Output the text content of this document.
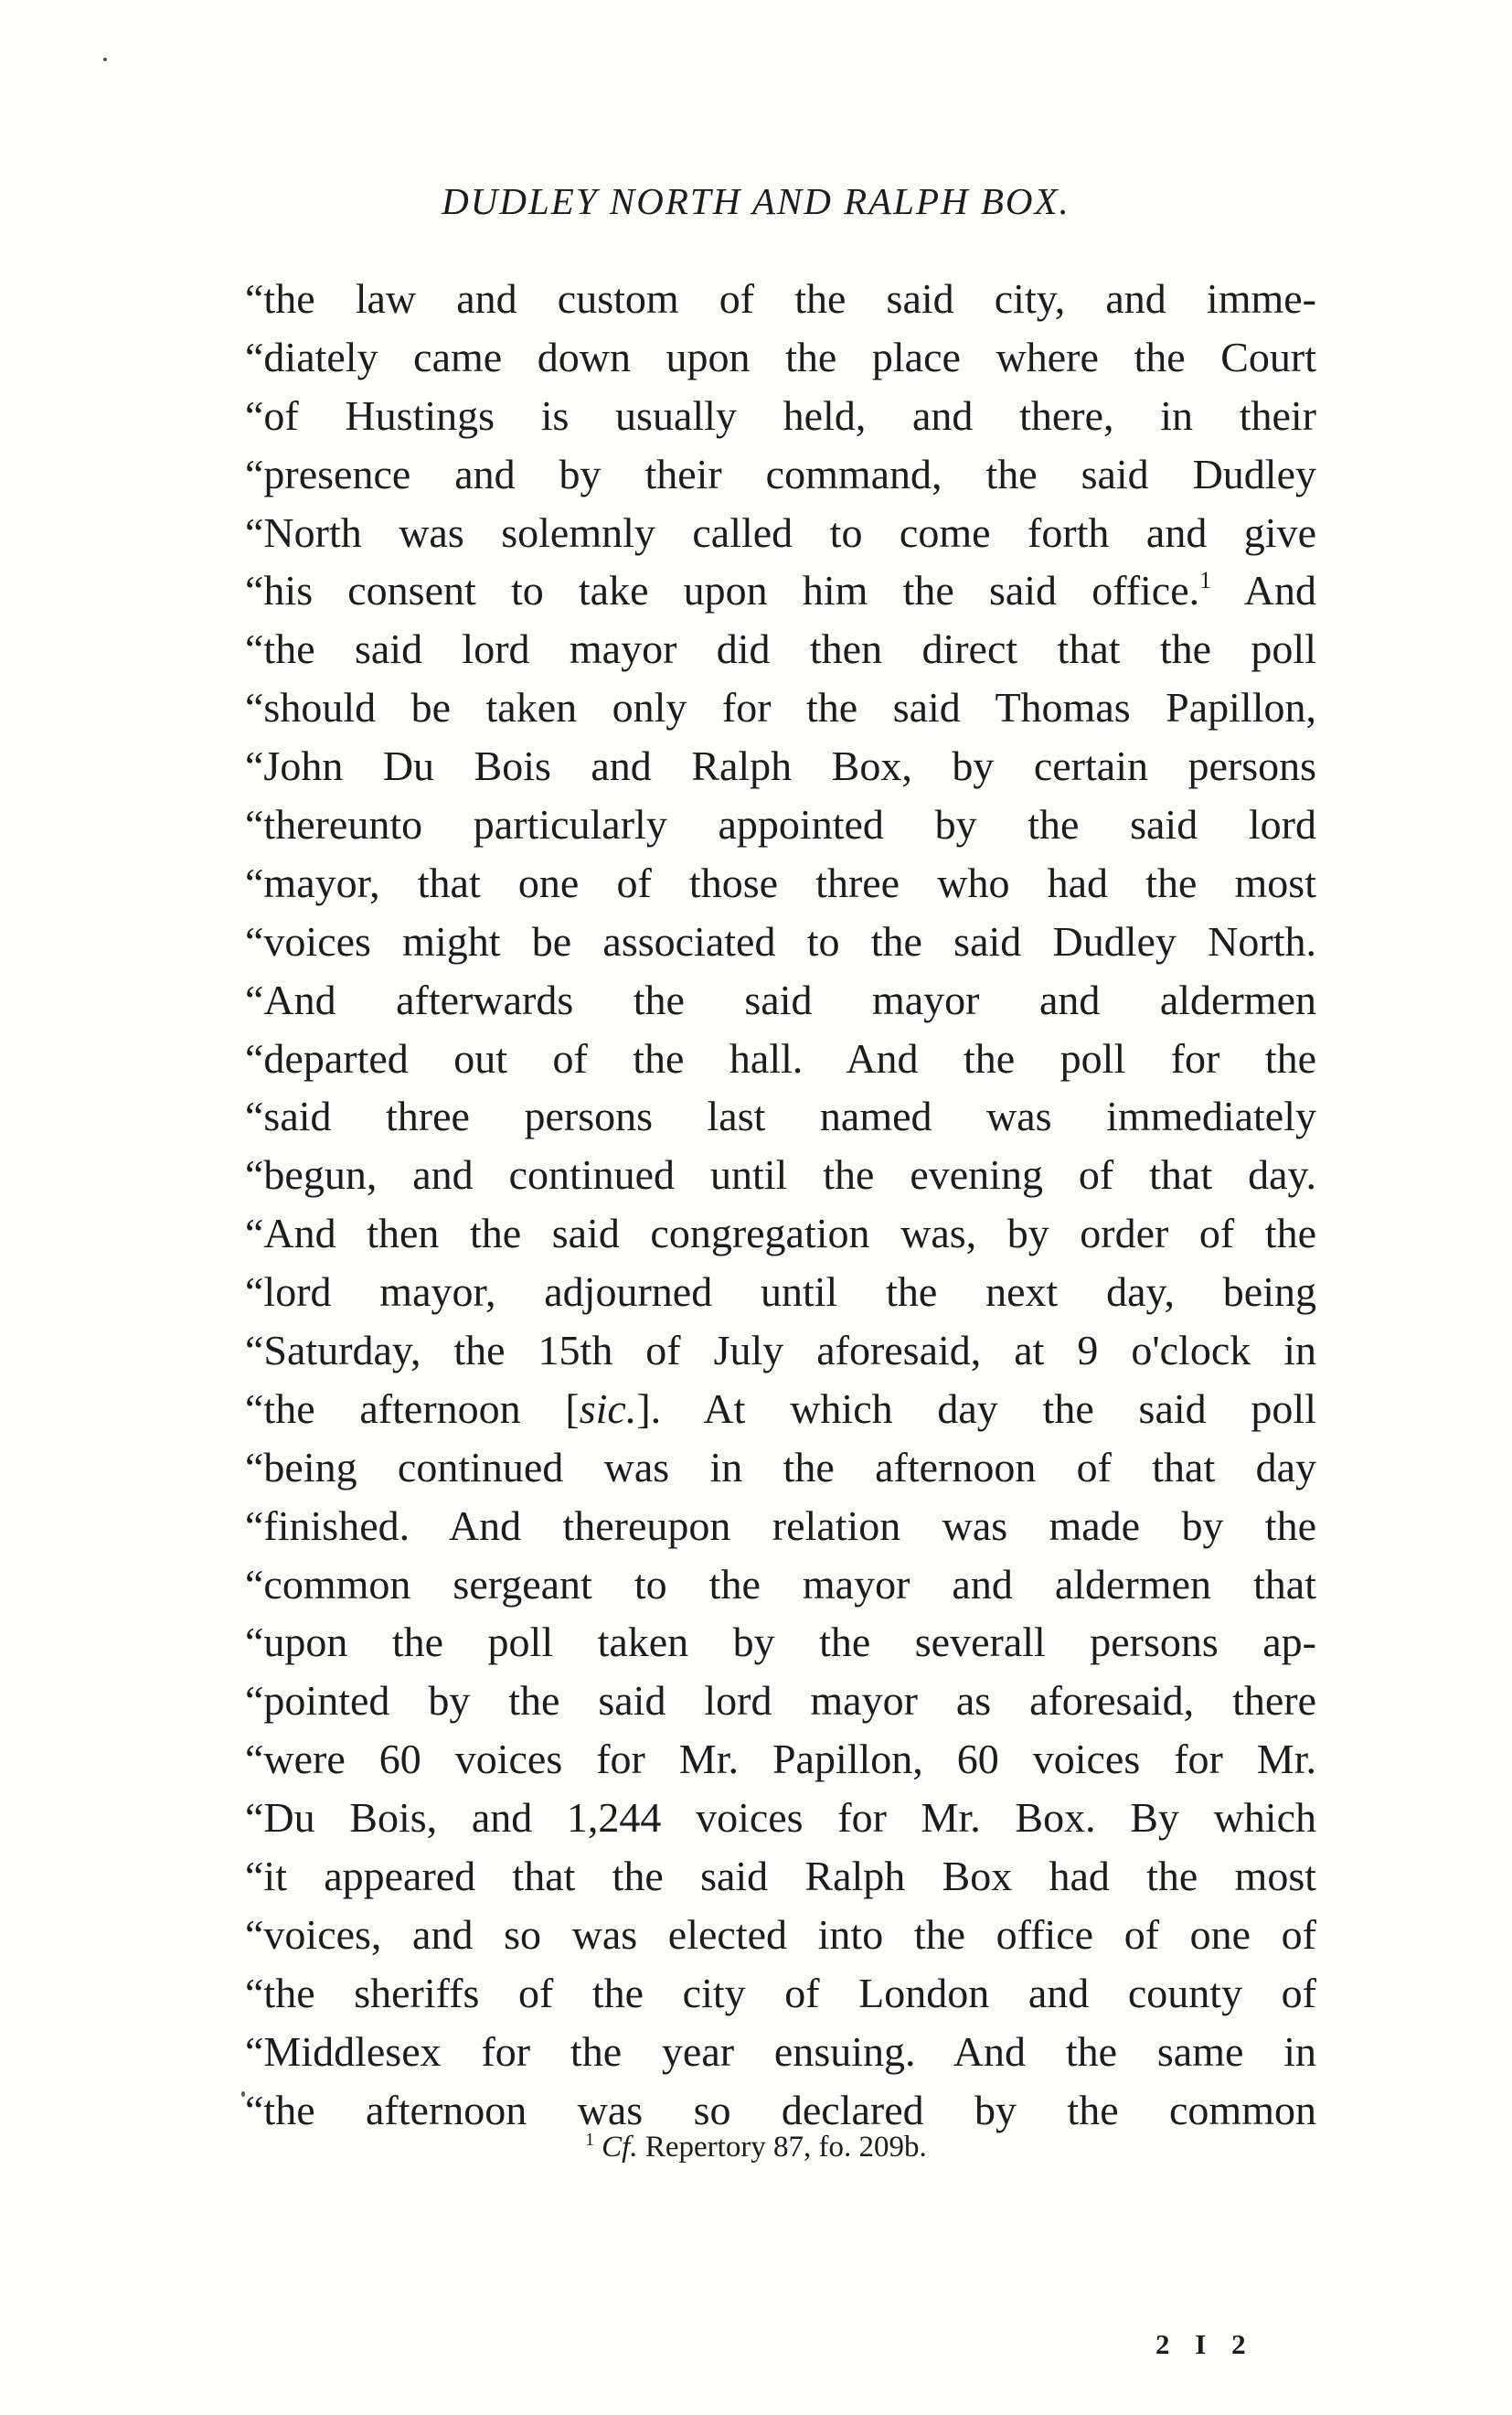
DUDLEY NORTH AND RALPH BOX.
“the law and custom of the said city, and imme-
“diately came down upon the place where the Court
“of Hustings is usually held, and there, in their
“presence and by their command, the said Dudley
“North was solemnly called to come forth and give
“his consent to take upon him the said office.$^1$ And
“the said lord mayor did then direct that the poll
“should be taken only for the said Thomas Papillon,
“John Du Bois and Ralph Box, by certain persons
“thereunto particularly appointed by the said lord
“mayor, that one of those three who had the most
“voices might be associated to the said Dudley North.
“And afterwards the said mayor and aldermen
“departed out of the hall. And the poll for the
“said three persons last named was immediately
“begun, and continued until the evening of that day.
“And then the said congregation was, by order of the
“lord mayor, adjourned until the next day, being
“Saturday, the 15th of July aforesaid, at 9 o'clock in
“the afternoon [sic.]. At which day the said poll
“being continued was in the afternoon of that day
“finished. And thereupon relation was made by the
“common sergeant to the mayor and aldermen that
“upon the poll taken by the severall persons ap-
“pointed by the said lord mayor as aforesaid, there
“were 60 voices for Mr. Papillon, 60 voices for Mr.
“Du Bois, and 1,244 voices for Mr. Box. By which
“it appeared that the said Ralph Box had the most
“voices, and so was elected into the office of one of
“the sheriffs of the city of London and county of
“Middlesex for the year ensuing. And the same in
“the afternoon was so declared by the common
$^1$ Cf. Repertory 87, fo. 209b.
2 I 2
